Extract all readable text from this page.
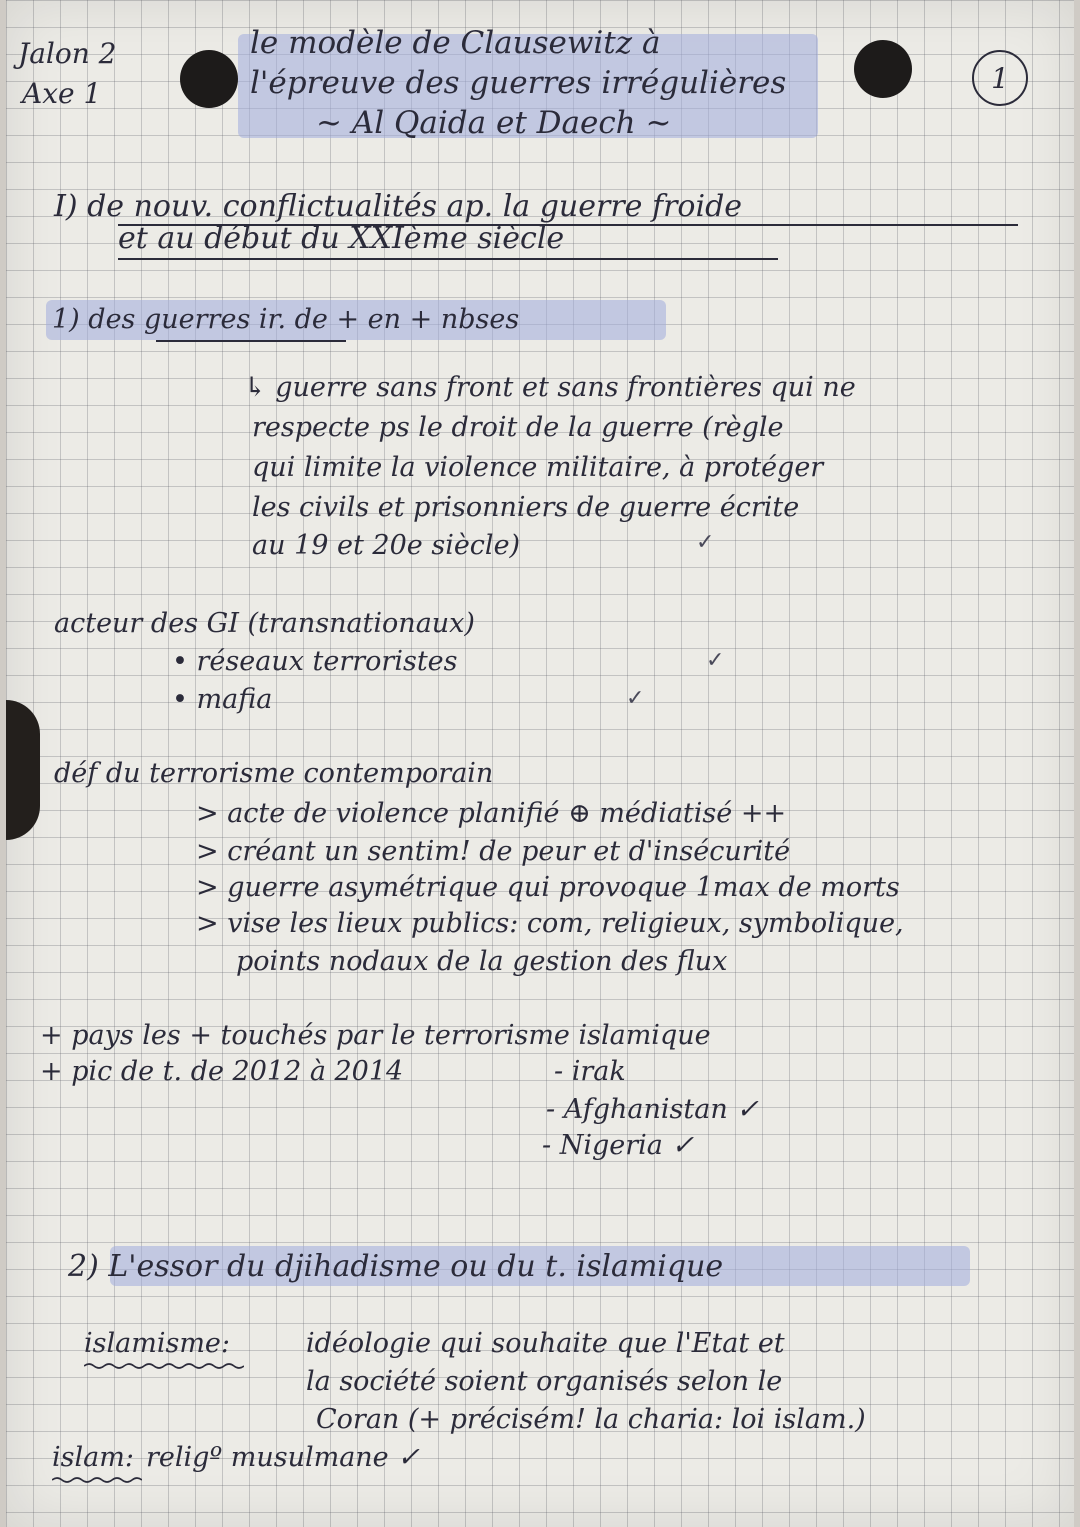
Jalon 2
Axe 1
le modèle de Clausewitz à
l'épreuve des guerres irrégulières
~ Al Qaida et Daech ~
1
I) de nouv. conflictualités ap. la guerre froide
et au début du XXIème siècle
1) des guerres ir. de + en + nbses
↳ guerre sans front et sans frontières qui ne
respecte ps le droit de la guerre (règle
qui limite la violence militaire, à protéger
les civils et prisonniers de guerre écrite
au 19 et 20e siècle)	✓
acteur des GI (transnationaux)
• réseaux terroristes	✓
• mafia	✓
déf du terrorisme contemporain
> acte de violence planifié ⊕ médiatisé ++
> créant un sentim! de peur et d'insécurité
> guerre asymétrique qui provoque 1max de morts
> vise les lieux publics: com, religieux, symbolique,
points nodaux de la gestion des flux
+ pays les + touchés par le terrorisme islamique
+ pic de t. de 2012 à 2014	- irak
- Afghanistan ✓
- Nigeria ✓
2) L'essor du djihadisme ou du t. islamique
islamisme:	idéologie qui souhaite que l'Etat et
la société soient organisés selon le
Coran (+ précisém! la charia: loi islam.)
islam: religº musulmane ✓
